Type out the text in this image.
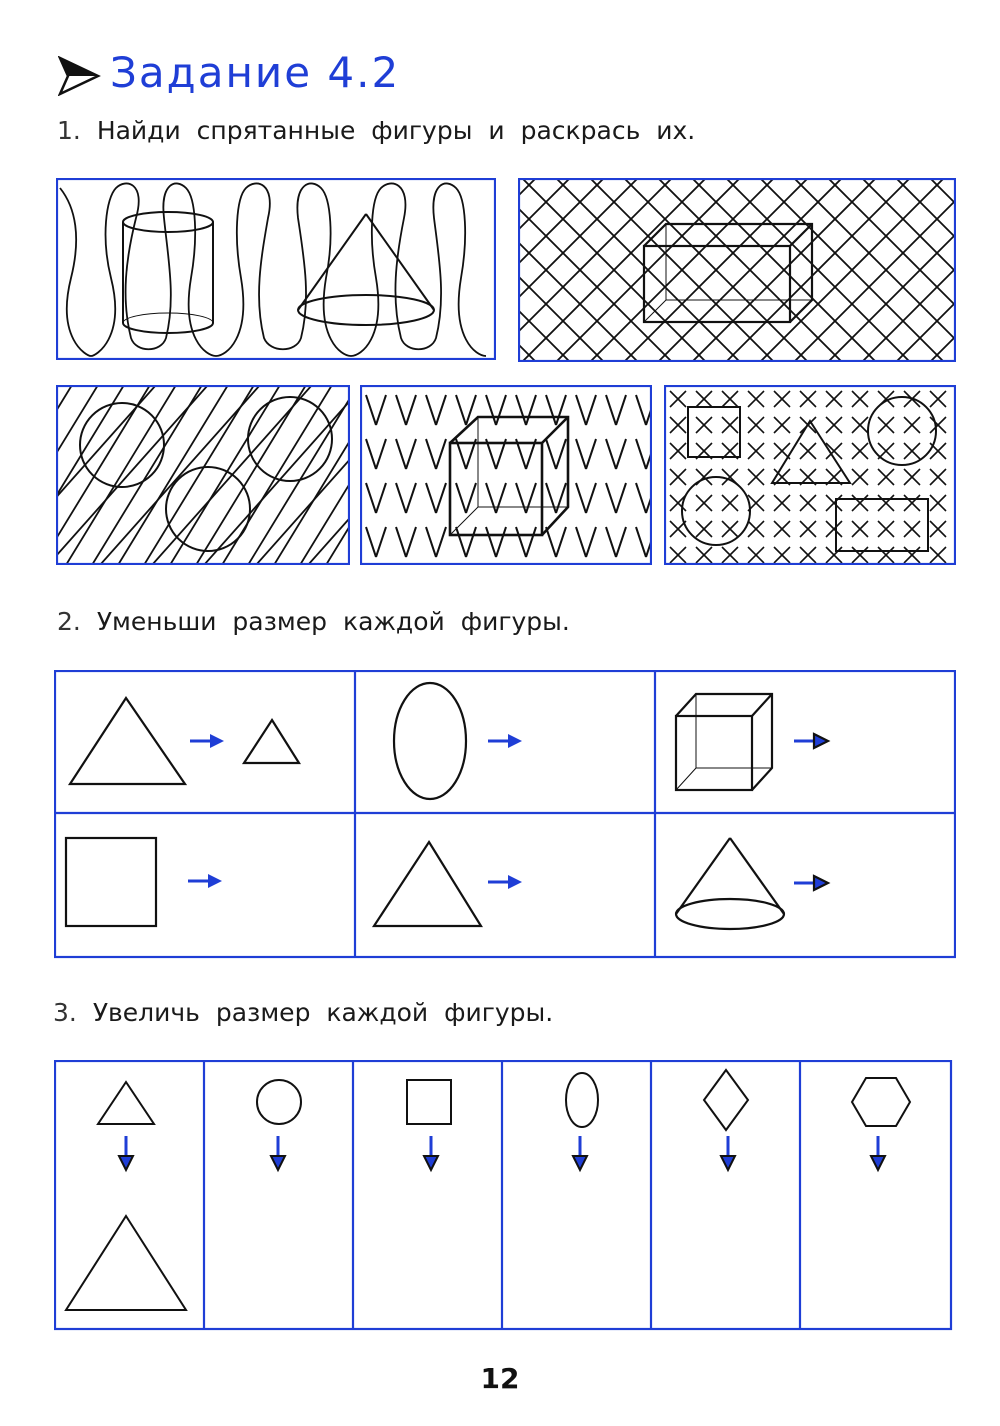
Задание 4.2
1. Найди спрятанные фигуры и раскрась их.
2. Уменьши размер каждой фигуры.
3. Увеличь размер каждой фигуры.
12
